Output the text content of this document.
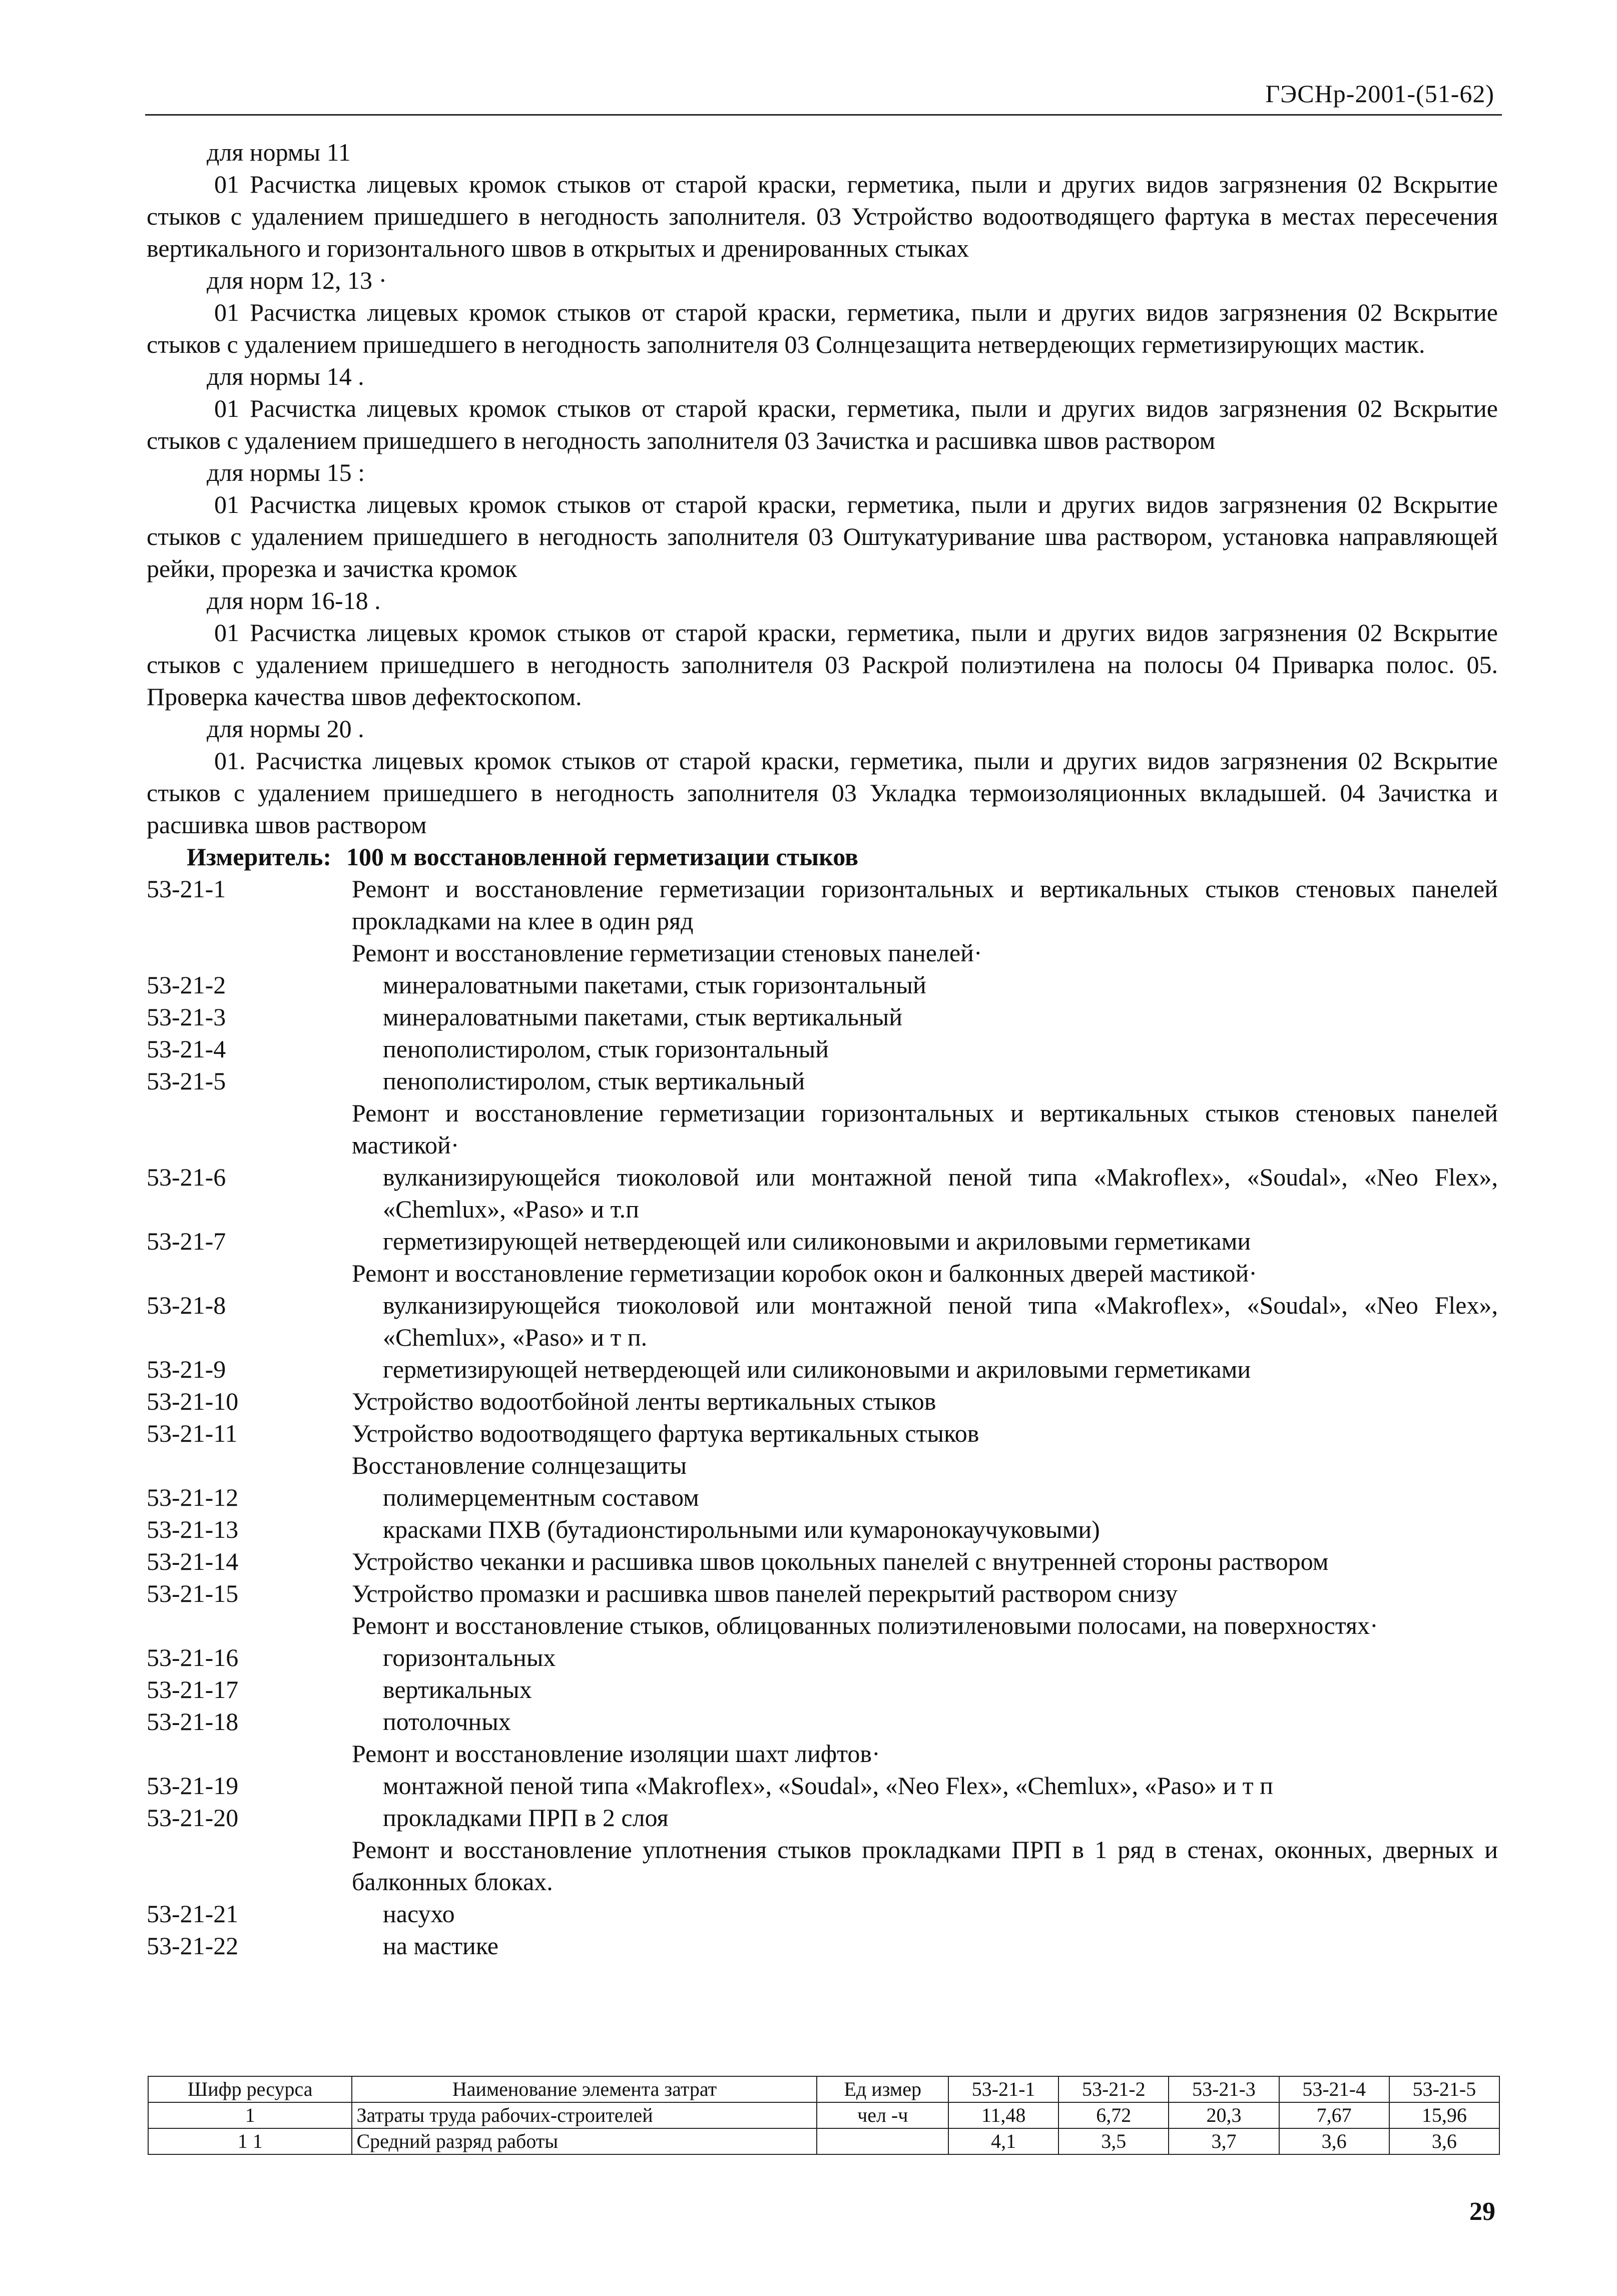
ГЭСНр-2001-(51-62)
для нормы 11

01 Расчистка лицевых кромок стыков от старой краски, герметика, пыли и других видов загрязнения 02 Вскрытие стыков с удалением пришедшего в негодность заполнителя. 03 Устройство водоотводящего фартука в местах пересечения вертикального и горизонтального швов в открытых и дренированных стыках

для норм 12, 13 ·

01 Расчистка лицевых кромок стыков от старой краски, герметика, пыли и других видов загрязнения 02 Вскрытие стыков с удалением пришедшего в негодность заполнителя 03 Солнцезащита нетвердеющих герметизирующих мастик.

для нормы 14 .

01 Расчистка лицевых кромок стыков от старой краски, герметика, пыли и других видов загрязнения 02 Вскрытие стыков с удалением пришедшего в негодность заполнителя 03 Зачистка и расшивка швов раствором

для нормы 15 :

01 Расчистка лицевых кромок стыков от старой краски, герметика, пыли и других видов загрязнения 02 Вскрытие стыков с удалением пришедшего в негодность заполнителя 03 Оштукатуривание шва раствором, установка направляющей рейки, прорезка и зачистка кромок

для норм 16-18 .

01 Расчистка лицевых кромок стыков от старой краски, герметика, пыли и других видов загрязнения 02 Вскрытие стыков с удалением пришедшего в негодность заполнителя 03 Раскрой полиэтилена на полосы 04 Приварка полос. 05. Проверка качества швов дефектоскопом.

для нормы 20 .

01. Расчистка лицевых кромок стыков от старой краски, герметика, пыли и других видов загрязнения 02 Вскрытие стыков с удалением пришедшего в негодность заполнителя 03 Укладка термоизоляционных вкладышей. 04 Зачистка и расшивка швов раствором

Измеритель: 100 м восстановленной герметизации стыков
53-21-1	Ремонт и восстановление герметизации горизонтальных и вертикальных стыков стеновых панелей прокладками на клее в один ряд
Ремонт и восстановление герметизации стеновых панелей·
53-21-2	минераловатными пакетами, стык горизонтальный
53-21-3	минераловатными пакетами, стык вертикальный
53-21-4	пенополистиролом, стык горизонтальный
53-21-5	пенополистиролом, стык вертикальный
Ремонт и восстановление герметизации горизонтальных и вертикальных стыков стеновых панелей мастикой·
53-21-6	вулканизирующейся тиоколовой или монтажной пеной типа «Makroflex», «Soudal», «Neo Flex», «Chemlux», «Paso» и т.п
53-21-7	герметизирующей нетвердеющей или силиконовыми и акриловыми герметиками
Ремонт и восстановление герметизации коробок окон и балконных дверей мастикой·
53-21-8	вулканизирующейся тиоколовой или монтажной пеной типа «Makroflex», «Soudal», «Neo Flex», «Chemlux», «Paso» и т п.
53-21-9	герметизирующей нетвердеющей или силиконовыми и акриловыми герметиками
53-21-10	Устройство водоотбойной ленты вертикальных стыков
53-21-11	Устройство водоотводящего фартука вертикальных стыков
Восстановление солнцезащиты
53-21-12	полимерцементным составом
53-21-13	красками ПХВ (бутадионстирольными или кумаронокаучуковыми)
53-21-14	Устройство чеканки и расшивка швов цокольных панелей с внутренней стороны раствором
53-21-15	Устройство промазки и расшивка швов панелей перекрытий раствором снизу
Ремонт и восстановление стыков, облицованных полиэтиленовыми полосами, на поверхностях·
53-21-16	горизонтальных
53-21-17	вертикальных
53-21-18	потолочных
Ремонт и восстановление изоляции шахт лифтов·
53-21-19	монтажной пеной типа «Makroflex», «Soudal», «Neo Flex», «Chemlux», «Paso» и т п
53-21-20	прокладками ПРП в 2 слоя
Ремонт и восстановление уплотнения стыков прокладками ПРП в 1 ряд в стенах, оконных, дверных и балконных блоках.
53-21-21	насухо
53-21-22	на мастике
Шифр ресурса	Наименование элемента затрат	Ед измер	53-21-1	53-21-2	53-21-3	53-21-4	53-21-5
1	Затраты труда рабочих-строителей	чел -ч	11,48	6,72	20,3	7,67	15,96
1 1	Средний разряд работы		4,1	3,5	3,7	3,6	3,6
29
